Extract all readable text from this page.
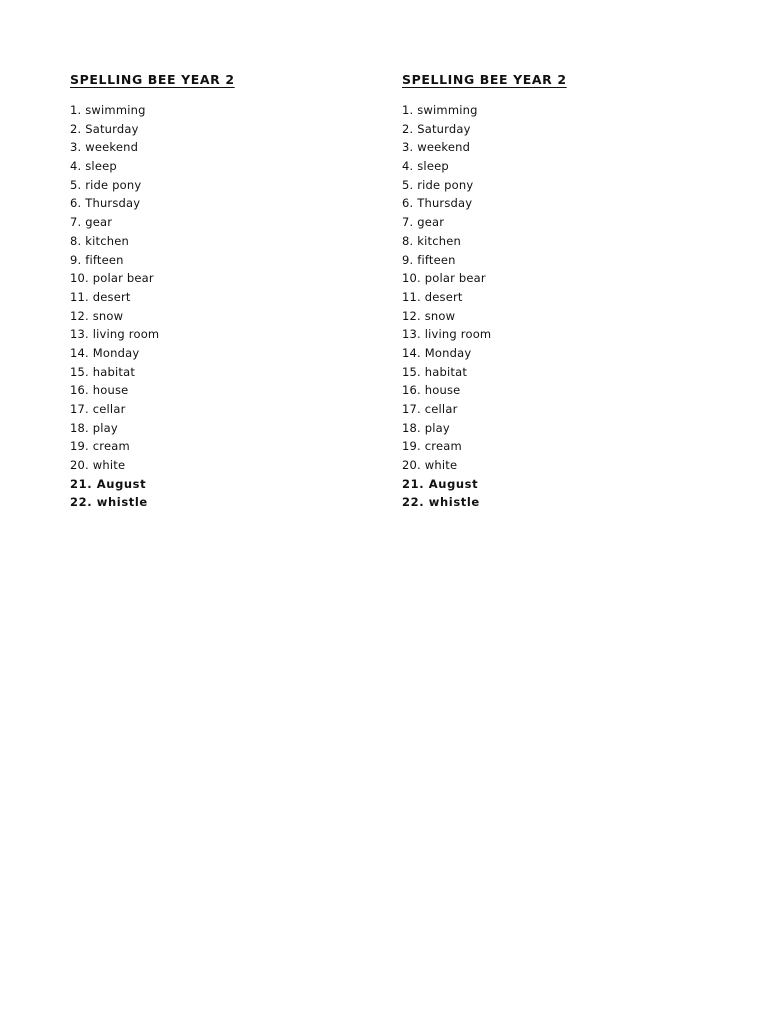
SPELLING BEE YEAR 2
1. swimming
2. Saturday
3. weekend
4. sleep
5. ride pony
6. Thursday
7. gear
8. kitchen
9. fifteen
10. polar bear
11. desert
12. snow
13. living room
14. Monday
15. habitat
16. house
17. cellar
18. play
19. cream
20. white
21. August
22. whistle
SPELLING BEE YEAR 2
1. swimming
2. Saturday
3. weekend
4. sleep
5. ride pony
6. Thursday
7. gear
8. kitchen
9. fifteen
10. polar bear
11. desert
12. snow
13. living room
14. Monday
15. habitat
16. house
17. cellar
18. play
19. cream
20. white
21. August
22. whistle
